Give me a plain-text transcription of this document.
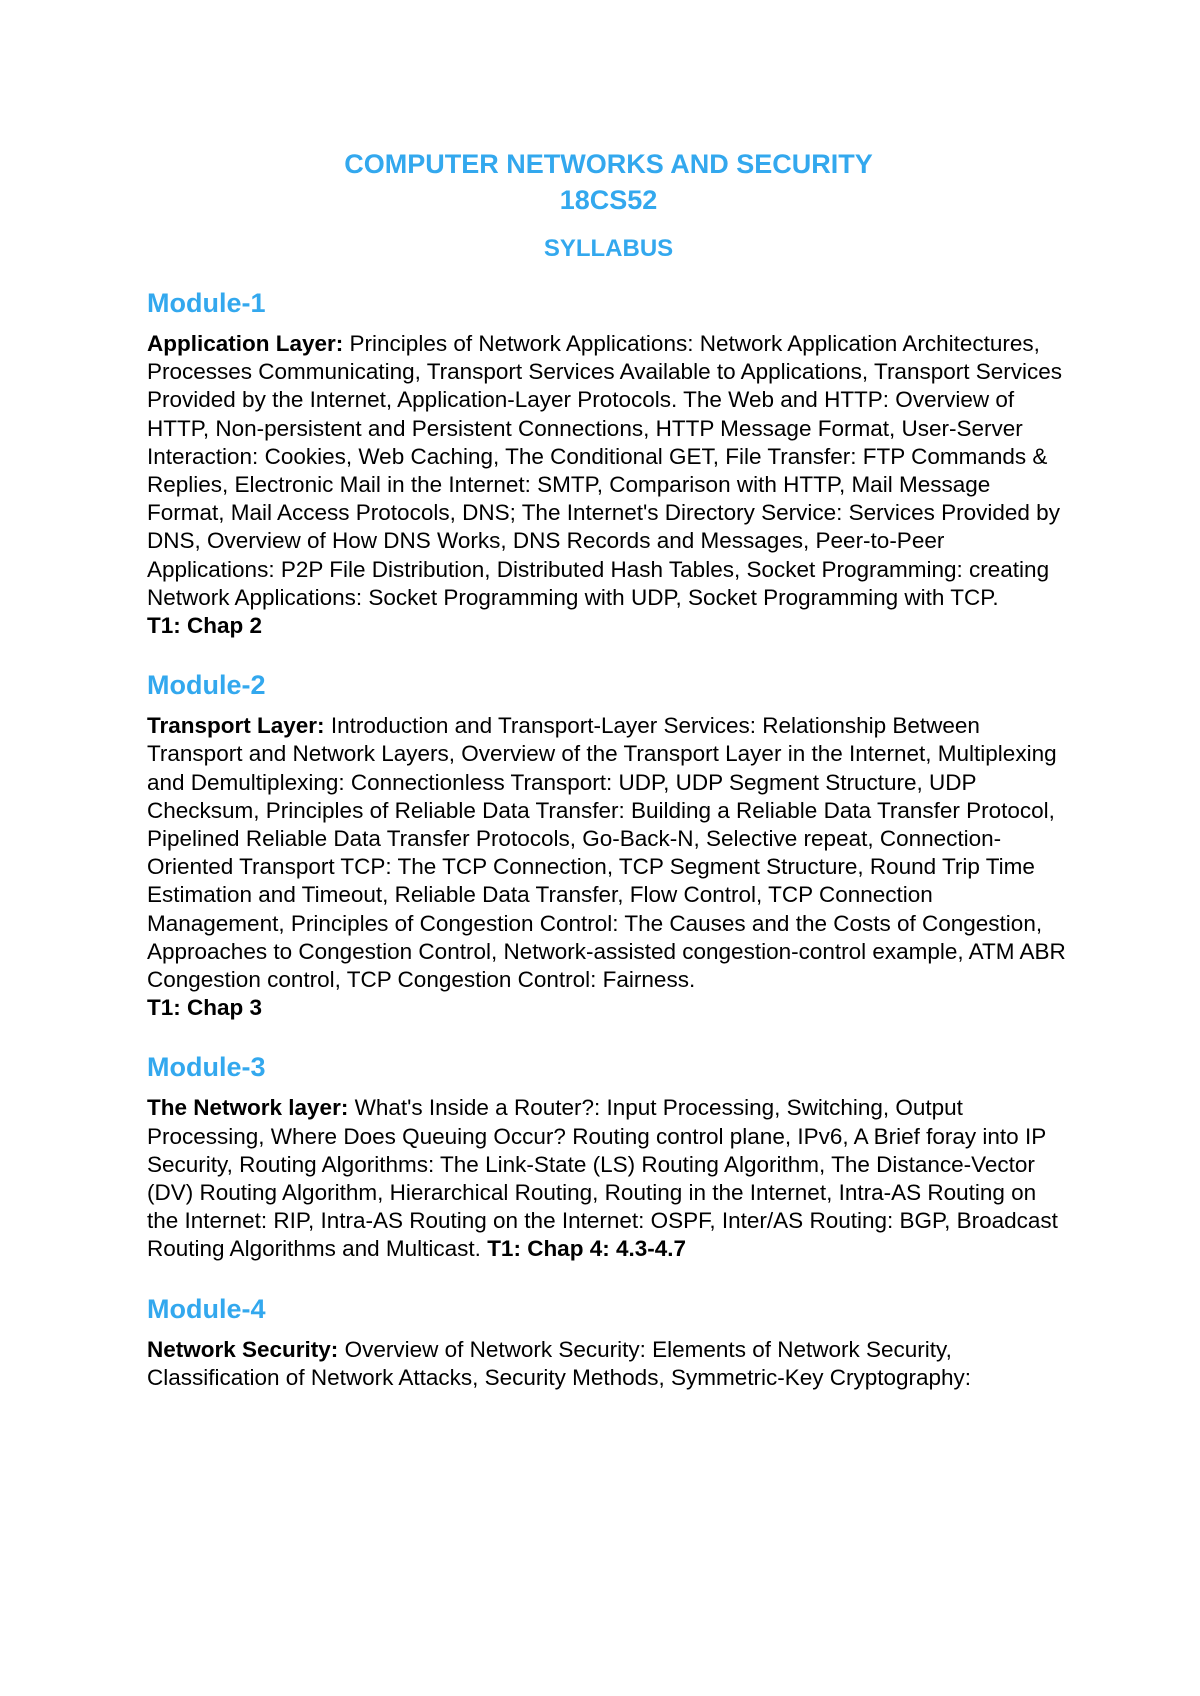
COMPUTER NETWORKS AND SECURITY
18CS52
SYLLABUS
Module-1

Application Layer: Principles of Network Applications: Network Application Architectures, Processes Communicating, Transport Services Available to Applications, Transport Services Provided by the Internet, Application-Layer Protocols. The Web and HTTP: Overview of HTTP, Non-persistent and Persistent Connections, HTTP Message Format, User-Server Interaction: Cookies, Web Caching, The Conditional GET, File Transfer: FTP Commands & Replies, Electronic Mail in the Internet: SMTP, Comparison with HTTP, Mail Message Format, Mail Access Protocols, DNS; The Internet's Directory Service: Services Provided by DNS, Overview of How DNS Works, DNS Records and Messages, Peer-to-Peer Applications: P2P File Distribution, Distributed Hash Tables, Socket Programming: creating Network Applications: Socket Programming with UDP, Socket Programming with TCP.

T1: Chap 2

Module-2

Transport Layer: Introduction and Transport-Layer Services: Relationship Between Transport and Network Layers, Overview of the Transport Layer in the Internet, Multiplexing and Demultiplexing: Connectionless Transport: UDP, UDP Segment Structure, UDP Checksum, Principles of Reliable Data Transfer: Building a Reliable Data Transfer Protocol, Pipelined Reliable Data Transfer Protocols, Go-Back-N, Selective repeat, Connection-Oriented Transport TCP: The TCP Connection, TCP Segment Structure, Round Trip Time Estimation and Timeout, Reliable Data Transfer, Flow Control, TCP Connection Management, Principles of Congestion Control: The Causes and the Costs of Congestion, Approaches to Congestion Control, Network-assisted congestion-control example, ATM ABR Congestion control, TCP Congestion Control: Fairness.

T1: Chap 3

Module-3

The Network layer: What's Inside a Router?: Input Processing, Switching, Output Processing, Where Does Queuing Occur? Routing control plane, IPv6, A Brief foray into IP Security, Routing Algorithms: The Link-State (LS) Routing Algorithm, The Distance-Vector (DV) Routing Algorithm, Hierarchical Routing, Routing in the Internet, Intra-AS Routing on the Internet: RIP, Intra-AS Routing on the Internet: OSPF, Inter/AS Routing: BGP, Broadcast Routing Algorithms and Multicast. T1: Chap 4: 4.3-4.7

Module-4

Network Security: Overview of Network Security: Elements of Network Security, Classification of Network Attacks, Security Methods, Symmetric-Key Cryptography:
